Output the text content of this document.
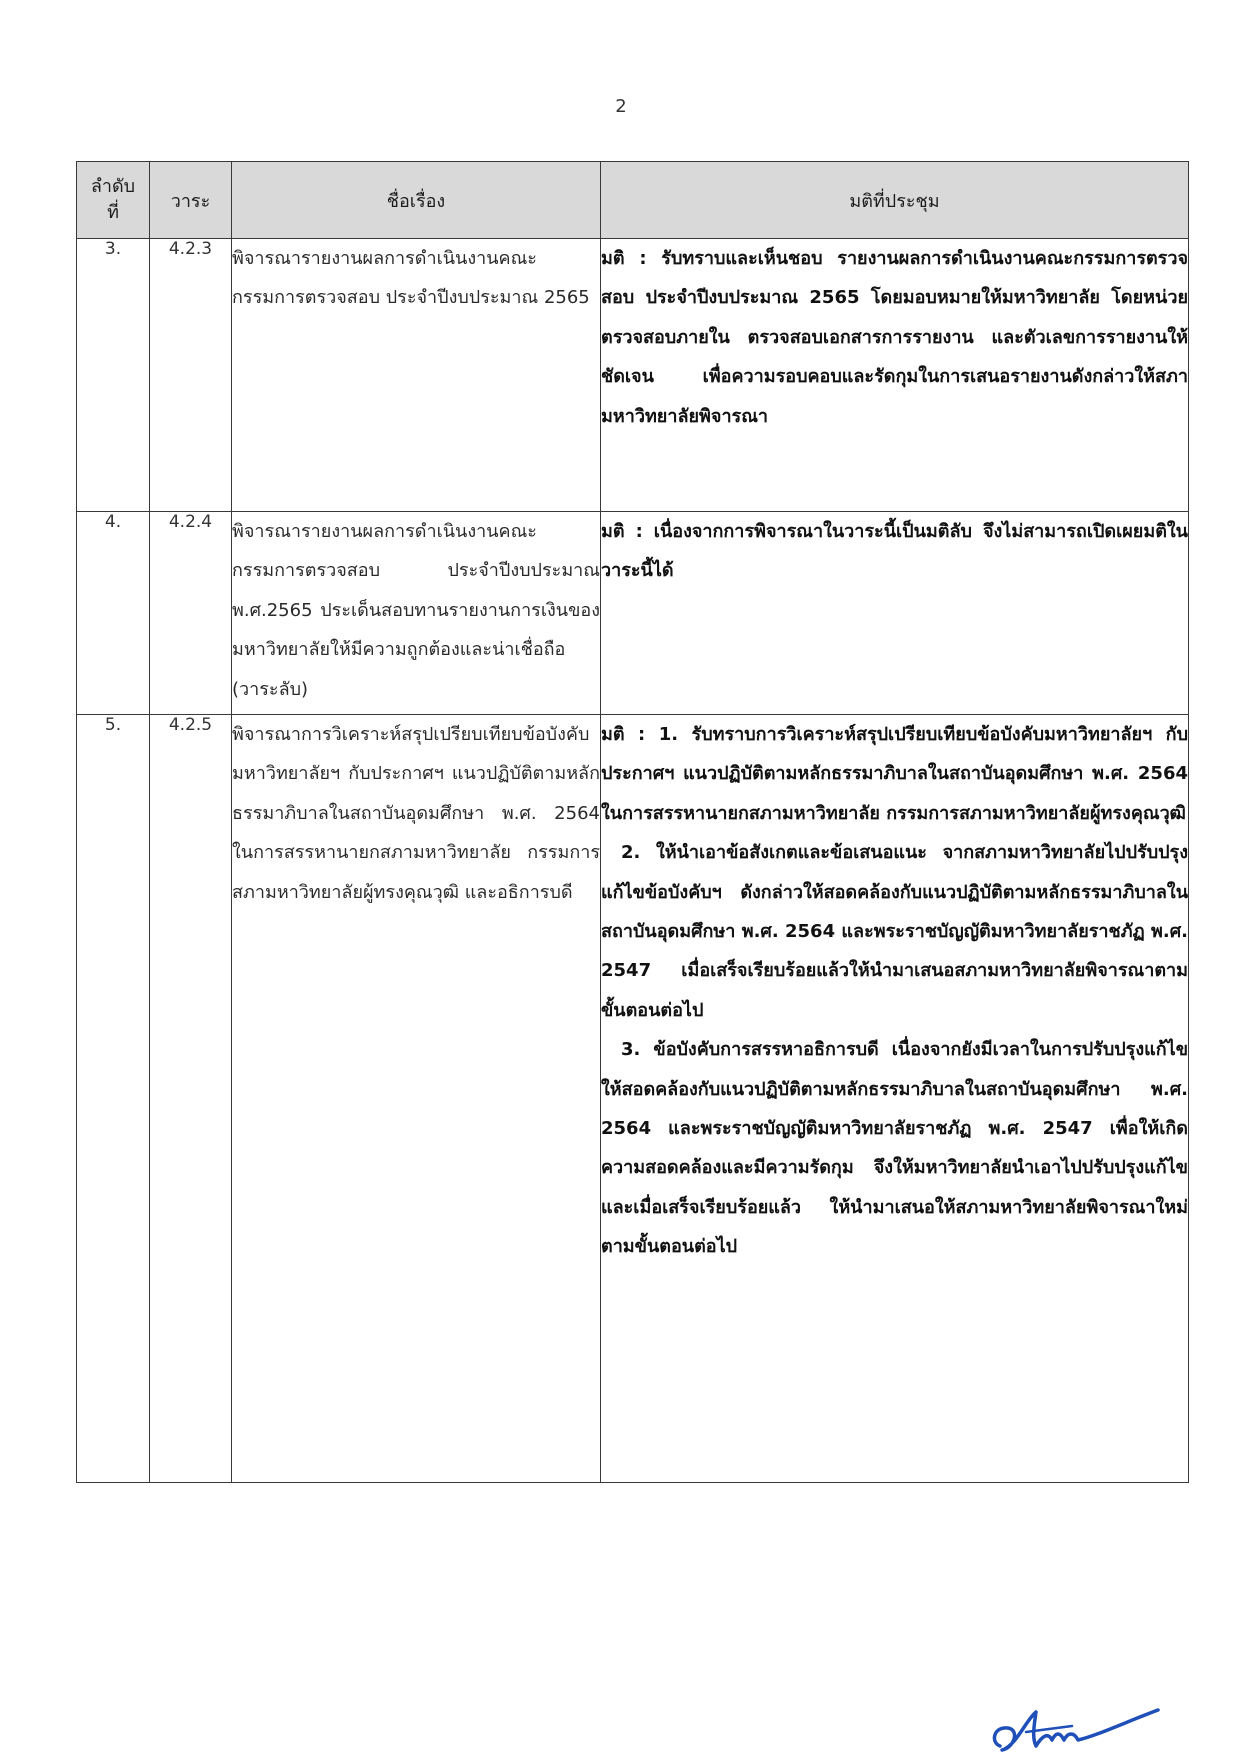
2
ลำดับ
ที่	วาระ	ชื่อเรื่อง	มติที่ประชุม
3.	4.2.3	พิจารณารายงานผลการดำเนินงานคณะกรรมการตรวจสอบ ประจำปีงบประมาณ 2565	มติ : รับทราบและเห็นชอบ รายงานผลการดำเนินงานคณะกรรมการตรวจสอบ ประจำปีงบประมาณ 2565 โดยมอบหมายให้มหาวิทยาลัย โดยหน่วยตรวจสอบภายใน ตรวจสอบเอกสารการรายงาน และตัวเลขการรายงานให้ชัดเจน เพื่อความรอบคอบและรัดกุมในการเสนอรายงานดังกล่าวให้สภามหาวิทยาลัยพิจารณา

4.	4.2.4	พิจารณารายงานผลการดำเนินงานคณะกรรมการตรวจสอบ ประจำปีงบประมาณ พ.ศ.2565 ประเด็นสอบทานรายงานการเงินของมหาวิทยาลัยให้มีความถูกต้องและน่าเชื่อถือ (วาระลับ)	มติ : เนื่องจากการพิจารณาในวาระนี้เป็นมติลับ จึงไม่สามารถเปิดเผยมติในวาระนี้ได้

5.	4.2.5	พิจารณาการวิเคราะห์สรุปเปรียบเทียบข้อบังคับมหาวิทยาลัยฯ กับประกาศฯ แนวปฏิบัติตามหลักธรรมาภิบาลในสถาบันอุดมศึกษา พ.ศ. 2564 ในการสรรหานายกสภามหาวิทยาลัย กรรมการสภามหาวิทยาลัยผู้ทรงคุณวุฒิ และอธิการบดี	มติ : 1. รับทราบการวิเคราะห์สรุปเปรียบเทียบข้อบังคับมหาวิทยาลัยฯ กับประกาศฯ แนวปฏิบัติตามหลักธรรมาภิบาลในสถาบันอุดมศึกษา พ.ศ. 2564 ในการสรรหานายกสภามหาวิทยาลัย กรรมการสภามหาวิทยาลัยผู้ทรงคุณวุฒิ

2. ให้นำเอาข้อสังเกตและข้อเสนอแนะ จากสภามหาวิทยาลัยไปปรับปรุงแก้ไขข้อบังคับฯ ดังกล่าวให้สอดคล้องกับแนวปฏิบัติตามหลักธรรมาภิบาลในสถาบันอุดมศึกษา พ.ศ. 2564 และพระราชบัญญัติมหาวิทยาลัยราชภัฏ พ.ศ. 2547 เมื่อเสร็จเรียบร้อยแล้วให้นำมาเสนอสภามหาวิทยาลัยพิจารณาตามขั้นตอนต่อไป

3. ข้อบังคับการสรรหาอธิการบดี เนื่องจากยังมีเวลาในการปรับปรุงแก้ไขให้สอดคล้องกับแนวปฏิบัติตามหลักธรรมาภิบาลในสถาบันอุดมศึกษา พ.ศ. 2564 และพระราชบัญญัติมหาวิทยาลัยราชภัฏ พ.ศ. 2547 เพื่อให้เกิดความสอดคล้องและมีความรัดกุม จึงให้มหาวิทยาลัยนำเอาไปปรับปรุงแก้ไข และเมื่อเสร็จเรียบร้อยแล้ว ให้นำมาเสนอให้สภามหาวิทยาลัยพิจารณาใหม่ ตามขั้นตอนต่อไป
